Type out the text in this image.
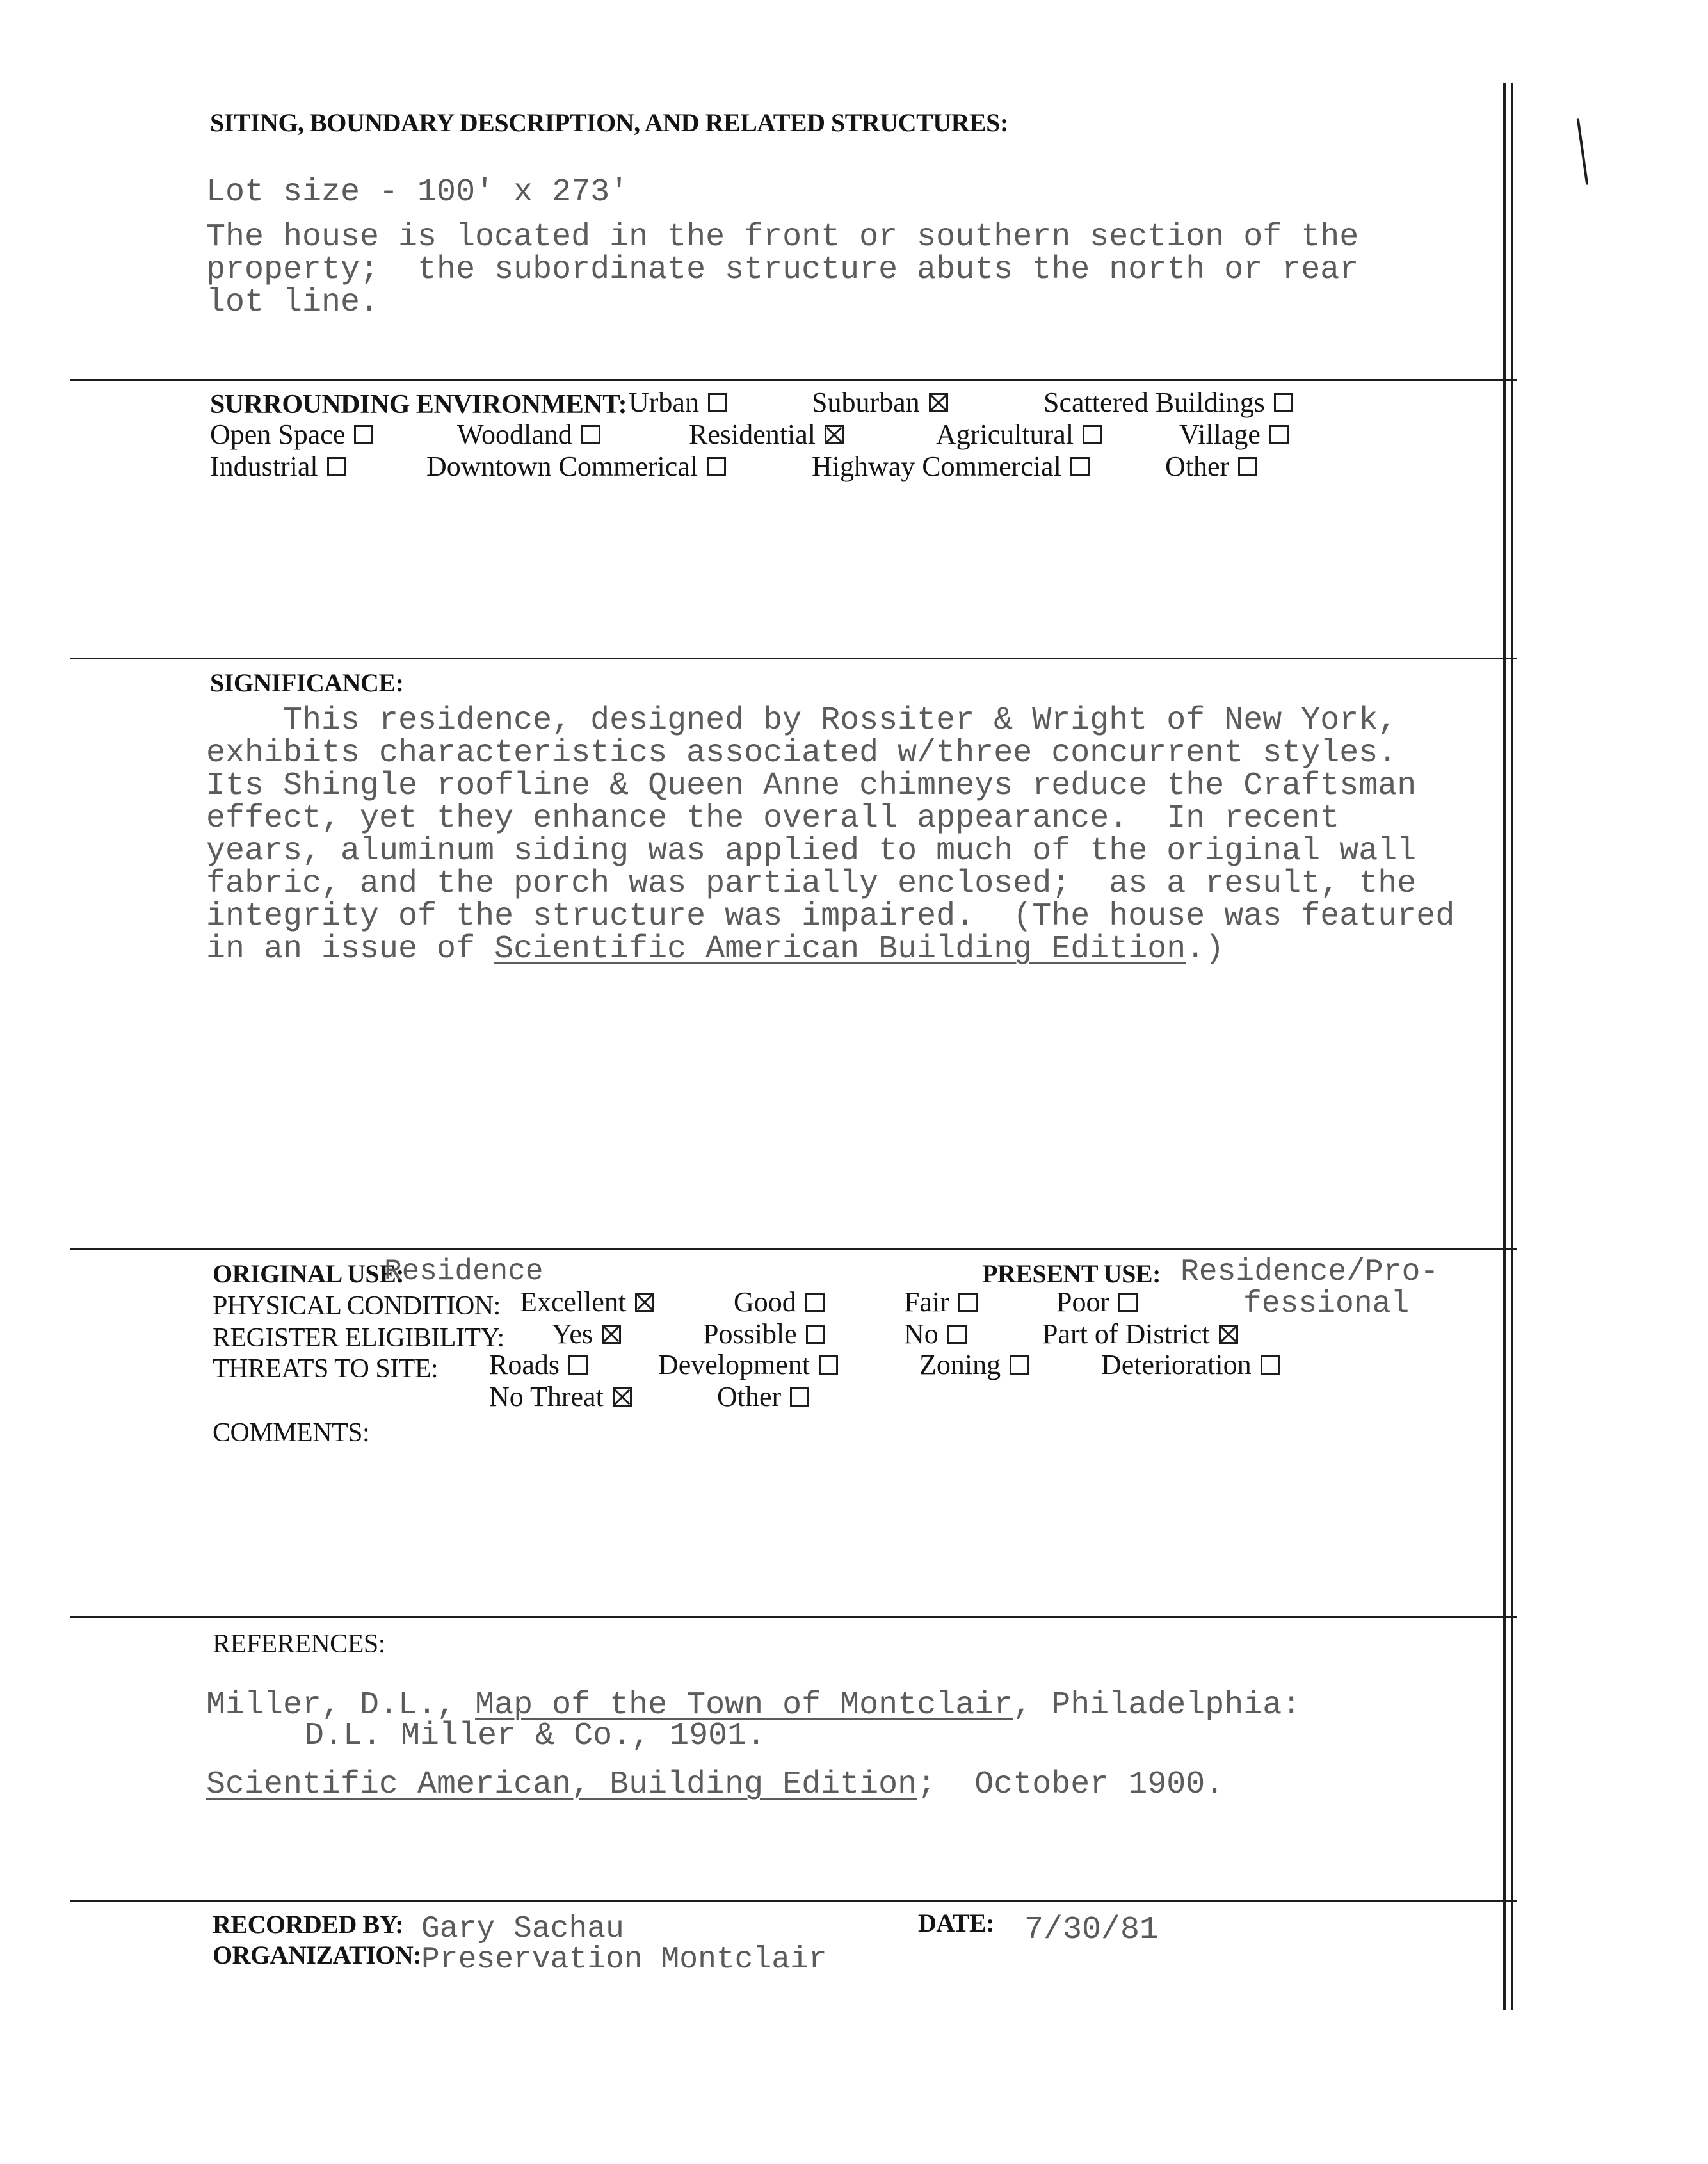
SITING, BOUNDARY DESCRIPTION, AND RELATED STRUCTURES:
Lot size - 100' x 273'
The house is located in the front or southern section of the
property;  the subordinate structure abuts the north or rear
lot line.
SURROUNDING ENVIRONMENT: Urban	Suburban	Scattered Buildings
Open Space	Woodland	Residential	Agricultural	Village
Industrial	Downtown Commerical	Highway Commercial	Other
SIGNIFICANCE:
This residence, designed by Rossiter & Wright of New York,
exhibits characteristics associated w/three concurrent styles.
Its Shingle roofline & Queen Anne chimneys reduce the Craftsman
effect, yet they enhance the overall appearance.  In recent
years, aluminum siding was applied to much of the original wall
fabric, and the porch was partially enclosed;  as a result, the
integrity of the structure was impaired.  (The house was featured
in an issue of Scientific American Building Edition.)
ORIGINAL USE:
Residence	PRESENT USE: Residence/Pro-
fessional
PHYSICAL CONDITION: Excellent	Good	Fair	Poor
REGISTER ELIGIBILITY: Yes	Possible	No	Part of District
THREATS TO SITE: Roads	Development	Zoning	Deterioration
No Threat	Other
COMMENTS:
REFERENCES:
Miller, D.L., Map of the Town of Montclair, Philadelphia:
D.L. Miller & Co., 1901.
Scientific American, Building Edition;  October 1900.
RECORDED BY: Gary Sachau
ORGANIZATION: Preservation Montclair
DATE: 7/30/81
